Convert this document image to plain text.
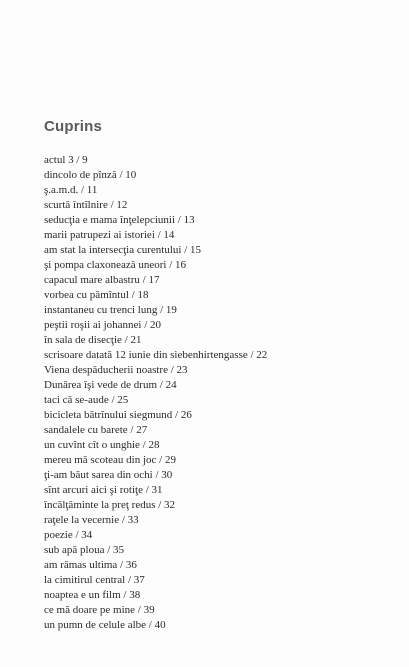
Cuprins
actul 3 / 9
dincolo de pînză / 10
ş.a.m.d. / 11
scurtă întîlnire / 12
seducţia e mama înţelepciunii / 13
marii patrupezi ai istoriei / 14
am stat la intersecţia curentului / 15
şi pompa claxonează uneori / 16
capacul mare albastru / 17
vorbea cu pămîntul / 18
instantaneu cu trenci lung / 19
peştii roşii ai johannei / 20
în sala de disecţie / 21
scrisoare datată 12 iunie din siebenhirtengasse / 22
Viena despăducherii noastre / 23
Dunărea îşi vede de drum / 24
taci că se-aude / 25
bicicleta bătrînului siegmund / 26
sandalele cu barete / 27
un cuvînt cît o unghie / 28
mereu mă scoteau din joc / 29
ţi-am băut sarea din ochi / 30
sînt arcuri aici şi rotiţe / 31
încălţăminte la preţ redus / 32
raţele la vecernie / 33
poezie / 34
sub apă ploua / 35
am rămas ultima / 36
la cimitirul central / 37
noaptea e un film / 38
ce mă doare pe mine / 39
un pumn de celule albe / 40
